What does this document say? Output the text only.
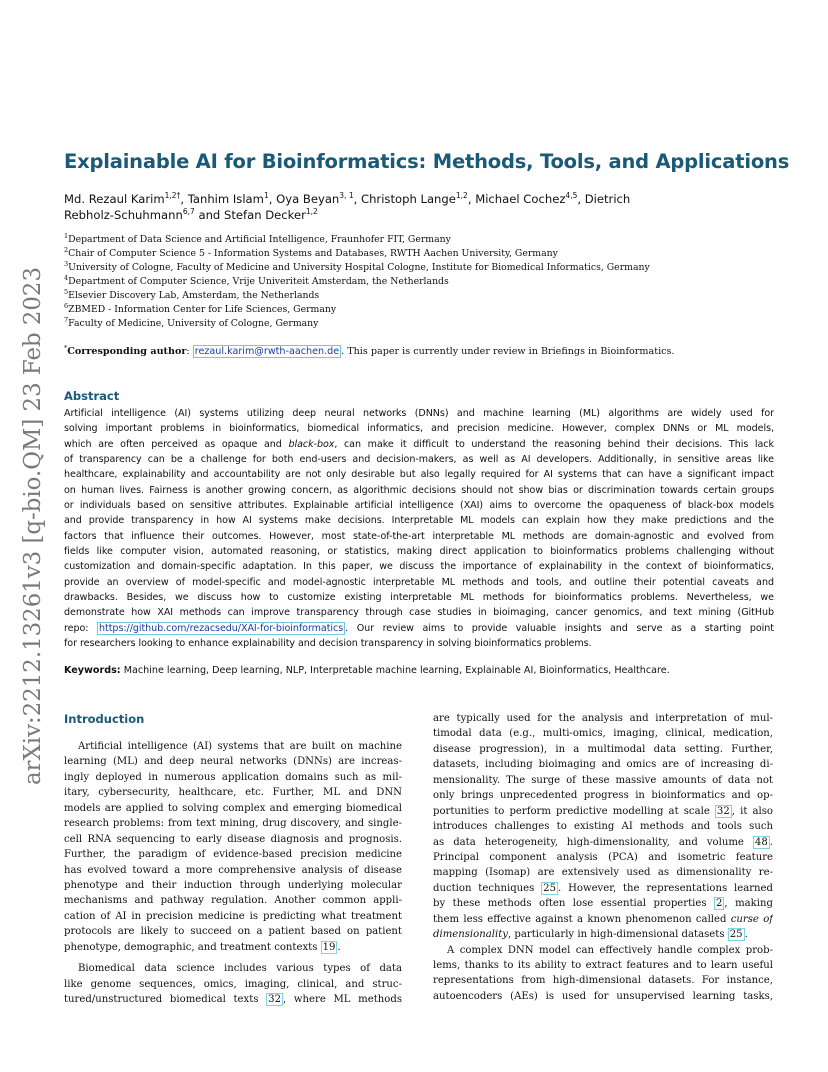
arXiv:2212.13261v3 [q-bio.QM] 23 Feb 2023
Explainable AI for Bioinformatics: Methods, Tools, and Applications
Md. Rezaul Karim$^{1,2\dagger}$, Tanhim Islam$^1$, Oya Beyan$^{3, 1}$, Christoph Lange$^{1,2}$, Michael Cochez$^{4,5}$, Dietrich
Rebholz-Schuhmann$^{6,7}$ and Stefan Decker$^{1,2}$
$^1$Department of Data Science and Artificial Intelligence, Fraunhofer FIT, Germany
$^2$Chair of Computer Science 5 - Information Systems and Databases, RWTH Aachen University, Germany
$^3$University of Cologne, Faculty of Medicine and University Hospital Cologne, Institute for Biomedical Informatics, Germany
$^4$Department of Computer Science, Vrije Univeriteit Amsterdam, the Netherlands
$^5$Elsevier Discovery Lab, Amsterdam, the Netherlands
$^6$ZBMED - Information Center for Life Sciences, Germany
$^7$Faculty of Medicine, University of Cologne, Germany
*Corresponding author: rezaul.karim@rwth-aachen.de . This paper is currently under review in Briefings in Bioinformatics.
Abstract
Artificial intelligence (AI) systems utilizing deep neural networks (DNNs) and machine learning (ML) algorithms are widely used for
solving important problems in bioinformatics, biomedical informatics, and precision medicine. However, complex DNNs or ML models,
which are often perceived as opaque and black-box, can make it difficult to understand the reasoning behind their decisions. This lack
of transparency can be a challenge for both end-users and decision-makers, as well as AI developers. Additionally, in sensitive areas like
healthcare, explainability and accountability are not only desirable but also legally required for AI systems that can have a significant impact
on human lives. Fairness is another growing concern, as algorithmic decisions should not show bias or discrimination towards certain groups
or individuals based on sensitive attributes. Explainable artificial intelligence (XAI) aims to overcome the opaqueness of black-box models
and provide transparency in how AI systems make decisions. Interpretable ML models can explain how they make predictions and the
factors that influence their outcomes. However, most state-of-the-art interpretable ML methods are domain-agnostic and evolved from
fields like computer vision, automated reasoning, or statistics, making direct application to bioinformatics problems challenging without
customization and domain-specific adaptation. In this paper, we discuss the importance of explainability in the context of bioinformatics,
provide an overview of model-specific and model-agnostic interpretable ML methods and tools, and outline their potential caveats and
drawbacks. Besides, we discuss how to customize existing interpretable ML methods for bioinformatics problems. Nevertheless, we
demonstrate how XAI methods can improve transparency through case studies in bioimaging, cancer genomics, and text mining (GitHub
repo: https://github.com/rezacsedu/XAI-for-bioinformatics . Our review aims to provide valuable insights and serve as a starting point
for researchers looking to enhance explainability and decision transparency in solving bioinformatics problems.
Keywords: Machine learning, Deep learning, NLP, Interpretable machine learning, Explainable AI, Bioinformatics, Healthcare.
Introduction
Artificial intelligence (AI) systems that are built on machine
learning (ML) and deep neural networks (DNNs) are increas-
ingly deployed in numerous application domains such as mil-
itary, cybersecurity, healthcare, etc. Further, ML and DNN
models are applied to solving complex and emerging biomedical
research problems: from text mining, drug discovery, and single-
cell RNA sequencing to early disease diagnosis and prognosis.
Further, the paradigm of evidence-based precision medicine
has evolved toward a more comprehensive analysis of disease
phenotype and their induction through underlying molecular
mechanisms and pathway regulation. Another common appli-
cation of AI in precision medicine is predicting what treatment
protocols are likely to succeed on a patient based on patient
phenotype, demographic, and treatment contexts 19 .
Biomedical data science includes various types of data
like genome sequences, omics, imaging, clinical, and struc-
tured/unstructured biomedical texts 32 , where ML methods
are typically used for the analysis and interpretation of mul-
timodal data (e.g., multi-omics, imaging, clinical, medication,
disease progression), in a multimodal data setting. Further,
datasets, including bioimaging and omics are of increasing di-
mensionality. The surge of these massive amounts of data not
only brings unprecedented progress in bioinformatics and op-
portunities to perform predictive modelling at scale 32 , it also
introduces challenges to existing AI methods and tools such
as data heterogeneity, high-dimensionality, and volume 48 .
Principal component analysis (PCA) and isometric feature
mapping (Isomap) are extensively used as dimensionality re-
duction techniques 25 . However, the representations learned
by these methods often lose essential properties 2 , making
them less effective against a known phenomenon called curse of
dimensionality, particularly in high-dimensional datasets 25 .
A complex DNN model can effectively handle complex prob-
lems, thanks to its ability to extract features and to learn useful
representations from high-dimensional datasets. For instance,
autoencoders (AEs) is used for unsupervised learning tasks,
